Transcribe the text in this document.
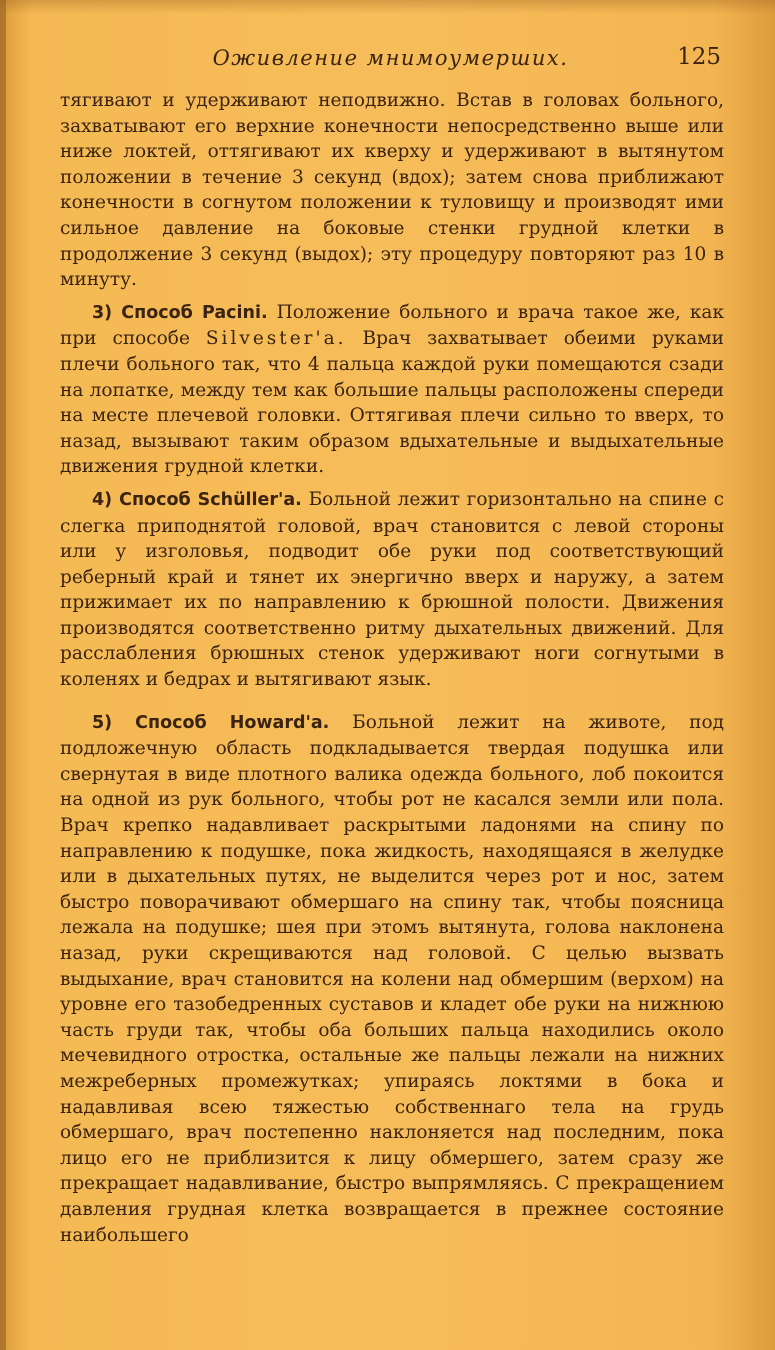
Оживление мнимоумерших.	125

тягивают и удерживают неподвижно. Встав в головах больного, захватывают его верхние конечности непосредственно выше или ниже локтей, оттягивают их кверху и удерживают в вытянутом положении в течение 3 секунд (вдох); затем снова приближают конечности в согнутом положении к туловищу и производят ими сильное давление на боковые стенки грудной клетки в продолжение 3 секунд (выдох); эту процедуру повторяют раз 10 в минуту.

3) Способ Pacini. Положение больного и врача такое же, как при способе Silvester'а. Врач захватывает обеими руками плечи больного так, что 4 пальца каждой руки помещаются сзади на лопатке, между тем как большие пальцы расположены спереди на месте плечевой головки. Оттягивая плечи сильно то вверх, то назад, вызывают таким образом вдыхательные и выдыхательные движения грудной клетки.

4) Способ Schüller'а. Больной лежит горизонтально на спине с слегка приподнятой головой, врач становится с левой стороны или у изголовья, подводит обе руки под соответствующий реберный край и тянет их энергично вверх и наружу, а затем прижимает их по направлению к брюшной полости. Движения производятся соответственно ритму дыхательных движений. Для расслабления брюшных стенок удерживают ноги согнутыми в коленях и бедрах и вытягивают язык.

5) Способ Howard'а. Больной лежит на животе, под подложечную область подкладывается твердая подушка или свернутая в виде плотного валика одежда больного, лоб покоится на одной из рук больного, чтобы рот не касался земли или пола. Врач крепко надавливает раскрытыми ладонями на спину по направлению к подушке, пока жидкость, находящаяся в желудке или в дыхательных путях, не выделится через рот и нос, затем быстро поворачивают обмершаго на спину так, чтобы поясница лежала на подушке; шея при этомъ вытянута, голова наклонена назад, руки скрещиваются над головой. С целью вызвать выдыхание, врач становится на колени над обмершим (верхом) на уровне его тазобедренных суставов и кладет обе руки на нижнюю часть груди так, чтобы оба больших пальца находились около мечевидного отростка, остальные же пальцы лежали на нижних межреберных промежутках; упираясь локтями в бока и надавливая всею тяжестью собственнаго тела на грудь обмершаго, врач постепенно наклоняется над последним, пока лицо его не приблизится к лицу обмершего, затем сразу же прекращает надавливание, быстро выпрямляясь. С прекращением давления грудная клетка возвращается в прежнее состояние наибольшего
